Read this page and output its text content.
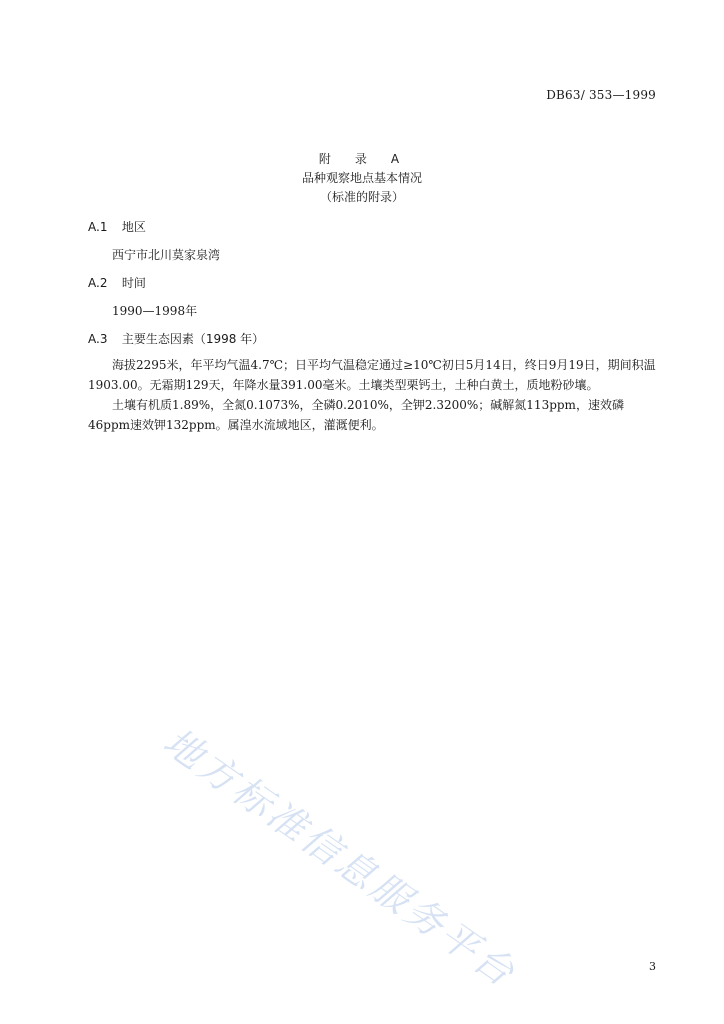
DB63/ 353—1999
附　录　A
品种观察地点基本情况
（标准的附录）
A.1 地区

西宁市北川莫家泉湾

A.2 时间

1990—1998年

A.3 主要生态因素（1998 年）

海拔2295米，年平均气温4.7℃；日平均气温稳定通过≥10℃初日5月14日，终日9月19日，期间积温1903.00。无霜期129天，年降水量391.00毫米。土壤类型栗钙土，土种白黄土，质地粉砂壤。

土壤有机质1.89%，全氮0.1073%，全磷0.2010%，全钾2.3200%；碱解氮113ppm，速效磷46ppm速效钾132ppm。属湟水流域地区，灌溉便利。

地方标准信息服务平台	3
